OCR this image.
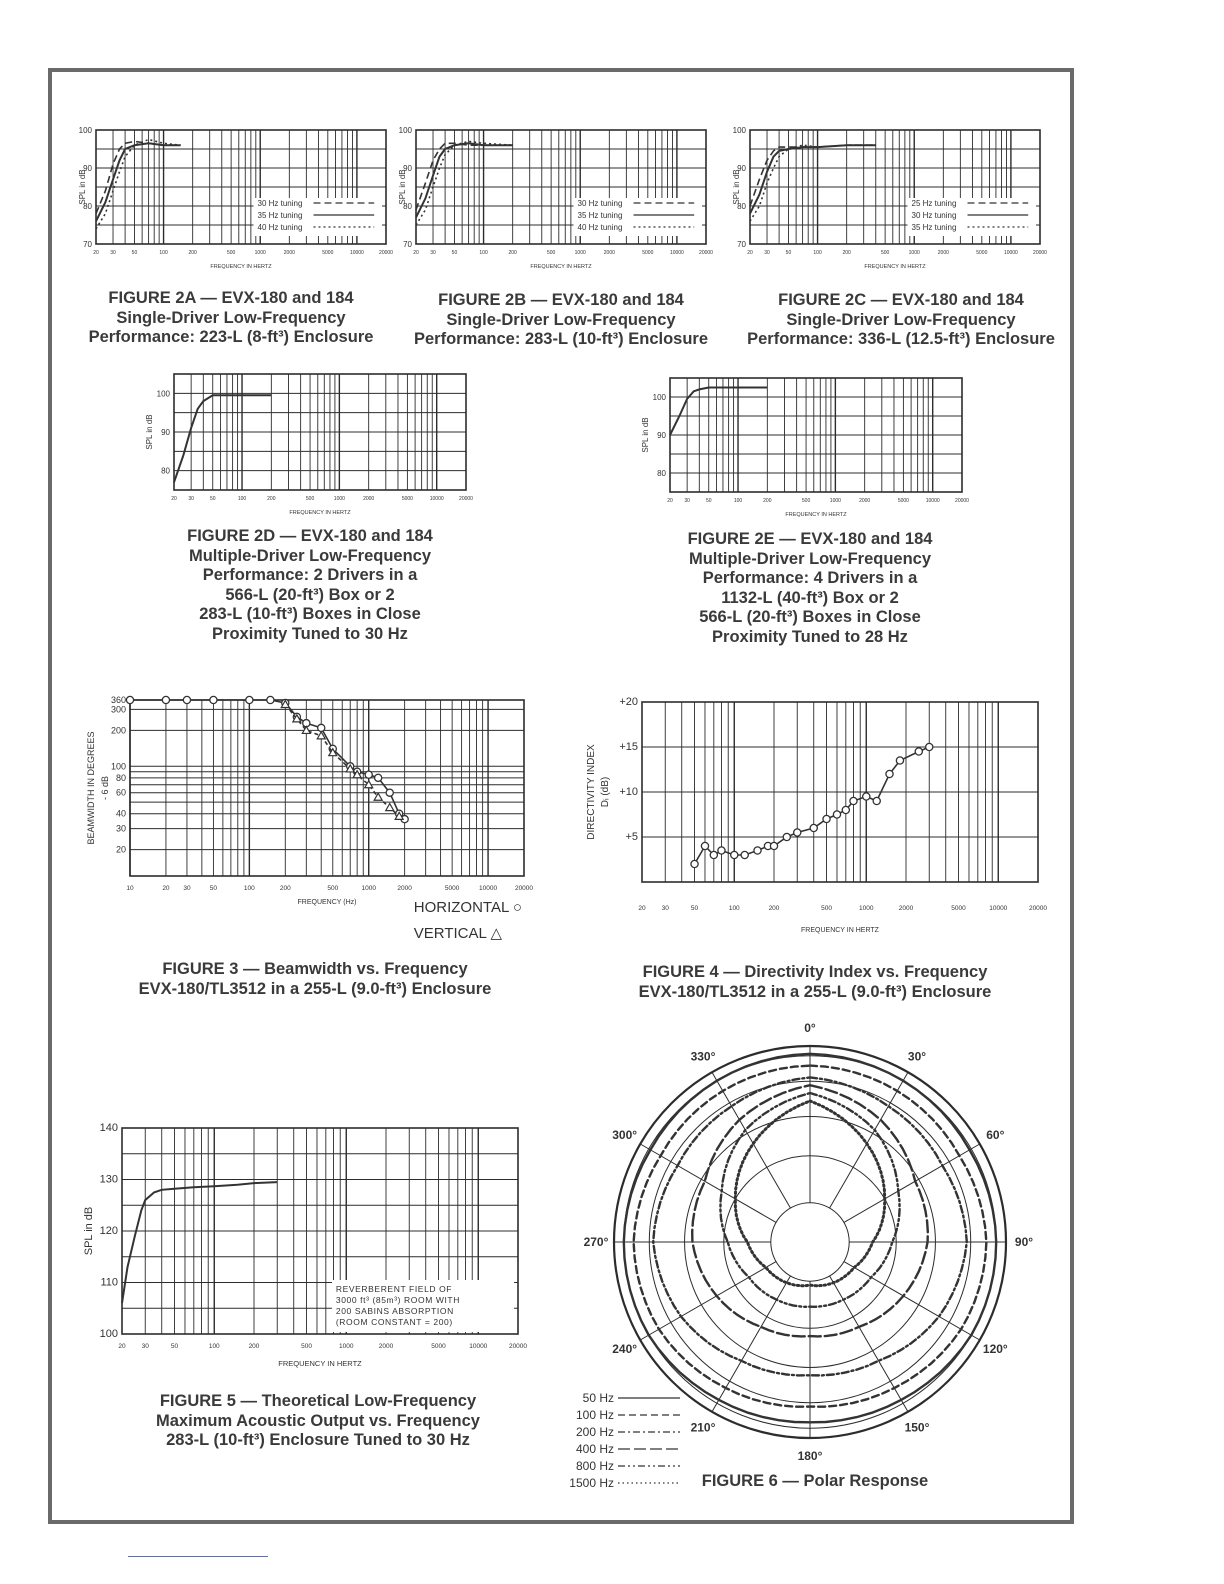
100
90
80
70
20 30	50	100	200	500	1000	2000	5000	10000	20000
FREQUENCY IN HERTZ
SPL in dB	30 Hz tuning
35 Hz tuning
40 Hz tuning
100
90
80
70
20 30	50	100	200	500	1000	2000	5000	10000	20000
FREQUENCY IN HERTZ
SPL in dB	30 Hz tuning
35 Hz tuning
40 Hz tuning
100
90
80
70
20 30	50	100	200	500	1000	2000	5000	10000	20000
FREQUENCY IN HERTZ
SPL in dB	25 Hz tuning
30 Hz tuning
35 Hz tuning
100
90
80
20 30	50	100	200	500	1000	2000	5000	10000	20000
FREQUENCY IN HERTZ
SPL in dB
100
90
80
20 30	50	100	200	500	1000	2000	5000	10000	20000
FREQUENCY IN HERTZ
SPL in dB
360
300
200
100
80
60
40
30
20
10	20 30	50	100	200	500	1000	2000	5000	10000	20000
FREQUENCY (Hz)
BEAMWIDTH IN DEGREES - 6 dB
HORIZONTAL ○
VERTICAL △
+20
+15
+10
+5
20 30	50	100	200	500	1000	2000	5000	10000	20000
FREQUENCY IN HERTZ
DIRECTIVITY INDEX Dᵢ (dB)
140
130
120
110
100
20 30	50	100	200	500	1000	2000	5000	10000	20000
FREQUENCY IN HERTZ
SPL in dB
REVERBERENT FIELD OF
3000 ft³ (85m³) ROOM WITH
200 SABINS ABSORPTION
(ROOM CONSTANT = 200)
0°
30°
60°
90°
120°
150°
180°
210°
240°
270°
300°
330°
50 Hz
100 Hz
200 Hz
400 Hz
800 Hz
1500 Hz
FIGURE 2A — EVX-180 and 184
Single-Driver Low-Frequency
Performance: 223-L (8-ft³) Enclosure
FIGURE 2B — EVX-180 and 184
Single-Driver Low-Frequency
Performance: 283-L (10-ft³) Enclosure
FIGURE 2C — EVX-180 and 184
Single-Driver Low-Frequency
Performance: 336-L (12.5-ft³) Enclosure
FIGURE 2D — EVX-180 and 184
Multiple-Driver Low-Frequency
Performance: 2 Drivers in a
566-L (20-ft³) Box or 2
283-L (10-ft³) Boxes in Close
Proximity Tuned to 30 Hz
FIGURE 2E — EVX-180 and 184
Multiple-Driver Low-Frequency
Performance: 4 Drivers in a
1132-L (40-ft³) Box or 2
566-L (20-ft³) Boxes in Close
Proximity Tuned to 28 Hz
FIGURE 3 — Beamwidth vs. Frequency
EVX-180/TL3512 in a 255-L (9.0-ft³) Enclosure
FIGURE 4 — Directivity Index vs. Frequency
EVX-180/TL3512 in a 255-L (9.0-ft³) Enclosure
FIGURE 5 — Theoretical Low-Frequency
Maximum Acoustic Output vs. Frequency
283-L (10-ft³) Enclosure Tuned to 30 Hz
FIGURE 6 — Polar Response
